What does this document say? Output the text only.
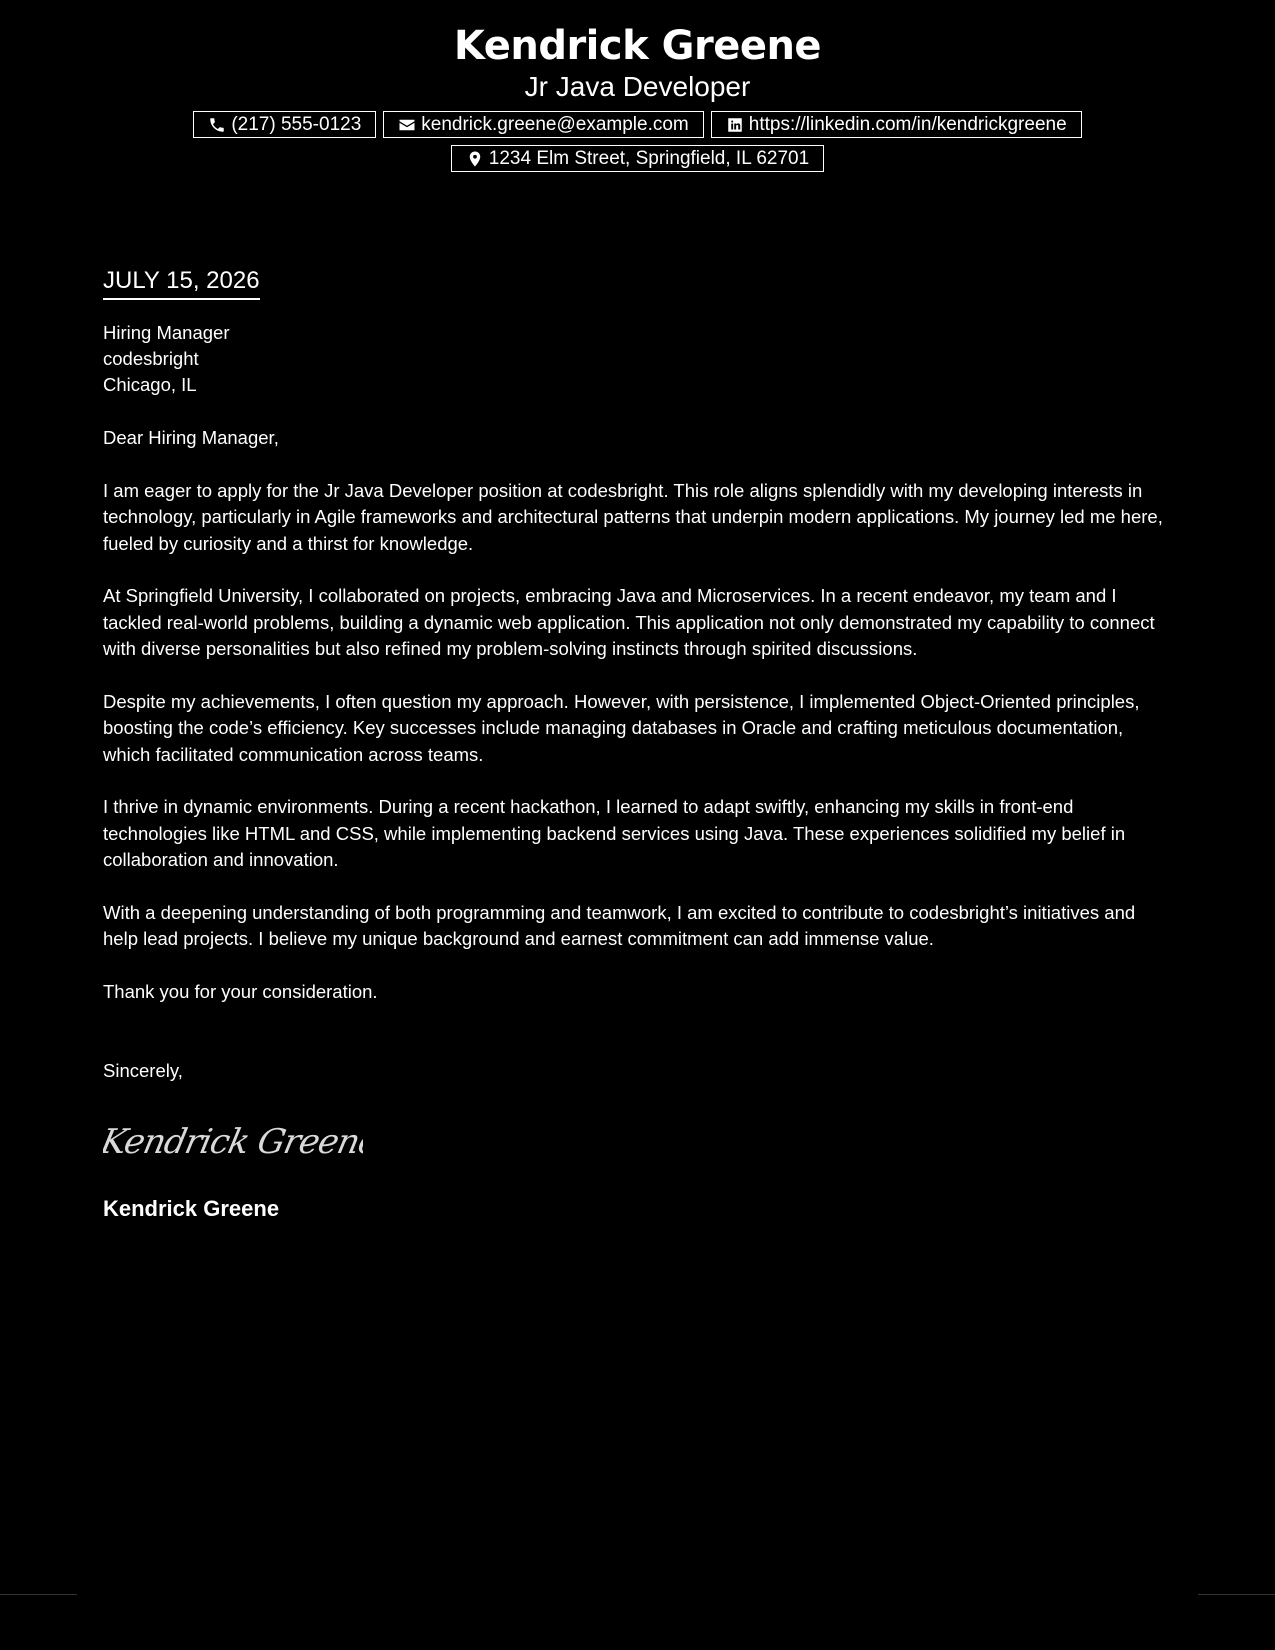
Kendrick Greene
Jr Java Developer
(217) 555-0123	kendrick.greene@example.com	https://linkedin.com/in/kendrickgreene
1234 Elm Street, Springfield, IL 62701
JULY 15, 2026
Hiring Manager
codesbright
Chicago, IL
Dear Hiring Manager,
I am eager to apply for the Jr Java Developer position at codesbright. This role aligns splendidly with my developing interests in technology, particularly in Agile frameworks and architectural patterns that underpin modern applications. My journey led me here, fueled by curiosity and a thirst for knowledge.
At Springfield University, I collaborated on projects, embracing Java and Microservices. In a recent endeavor, my team and I tackled real-world problems, building a dynamic web application. This application not only demonstrated my capability to connect with diverse personalities but also refined my problem-solving instincts through spirited discussions.
Despite my achievements, I often question my approach. However, with persistence, I implemented Object-Oriented principles, boosting the code’s efficiency. Key successes include managing databases in Oracle and crafting meticulous documentation, which facilitated communication across teams.
I thrive in dynamic environments. During a recent hackathon, I learned to adapt swiftly, enhancing my skills in front-end technologies like HTML and CSS, while implementing backend services using Java. These experiences solidified my belief in collaboration and innovation.
With a deepening understanding of both programming and teamwork, I am excited to contribute to codesbright’s initiatives and help lead projects. I believe my unique background and earnest commitment can add immense value.
Thank you for your consideration.
Sincerely,
Kendrick Greene
Kendrick Greene
